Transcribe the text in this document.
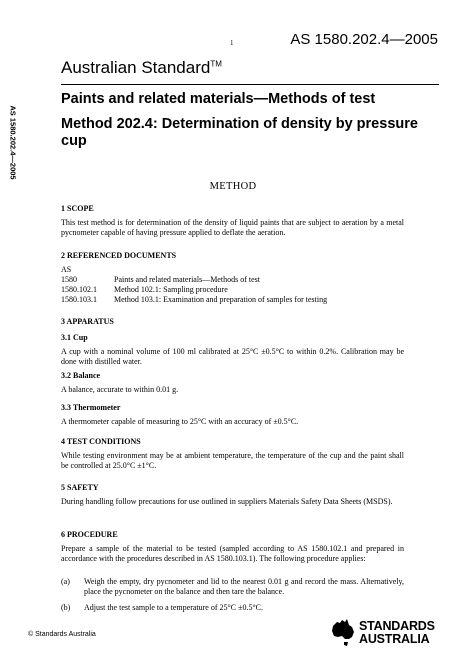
1	AS 1580.202.4—2005
Australian Standard™
AS 1580.202.4—2005
Paints and related materials—Methods of test
Method 202.4: Determination of density by pressure cup
METHOD
1 SCOPE
This test method is for determination of the density of liquid paints that are subject to aeration by a metal pycnometer capable of having pressure applied to deflate the aeration.
2 REFERENCED DOCUMENTS
AS
1580	Paints and related materials—Methods of test
1580.102.1 Method 102.1: Sampling procedure
1580.103.1 Method 103.1: Examination and preparation of samples for testing
3 APPARATUS
3.1 Cup
A cup with a nominal volume of 100 ml calibrated at 25°C ±0.5°C to within 0.2%. Calibration may be done with distilled water.
3.2 Balance
A balance, accurate to within 0.01 g.
3.3 Thermometer
A thermometer capable of measuring to 25°C with an accuracy of ±0.5°C.
4 TEST CONDITIONS
While testing environment may be at ambient temperature, the temperature of the cup and the paint shall be controlled at 25.0°C ±1°C.
5 SAFETY
During handling follow precautions for use outlined in suppliers Materials Safety Data Sheets (MSDS).
6 PROCEDURE
Prepare a sample of the material to be tested (sampled according to AS 1580.102.1 and prepared in accordance with the procedures described in AS 1580.103.1). The following procedure applies:
(a) Weigh the empty, dry pycnometer and lid to the nearest 0.01 g and record the mass. Alternatively, place the pycnometer on the balance and then tare the balance.
(b) Adjust the test sample to a temperature of 25°C ±0.5°C.
© Standards Australia
STANDARDS
AUSTRALIA
